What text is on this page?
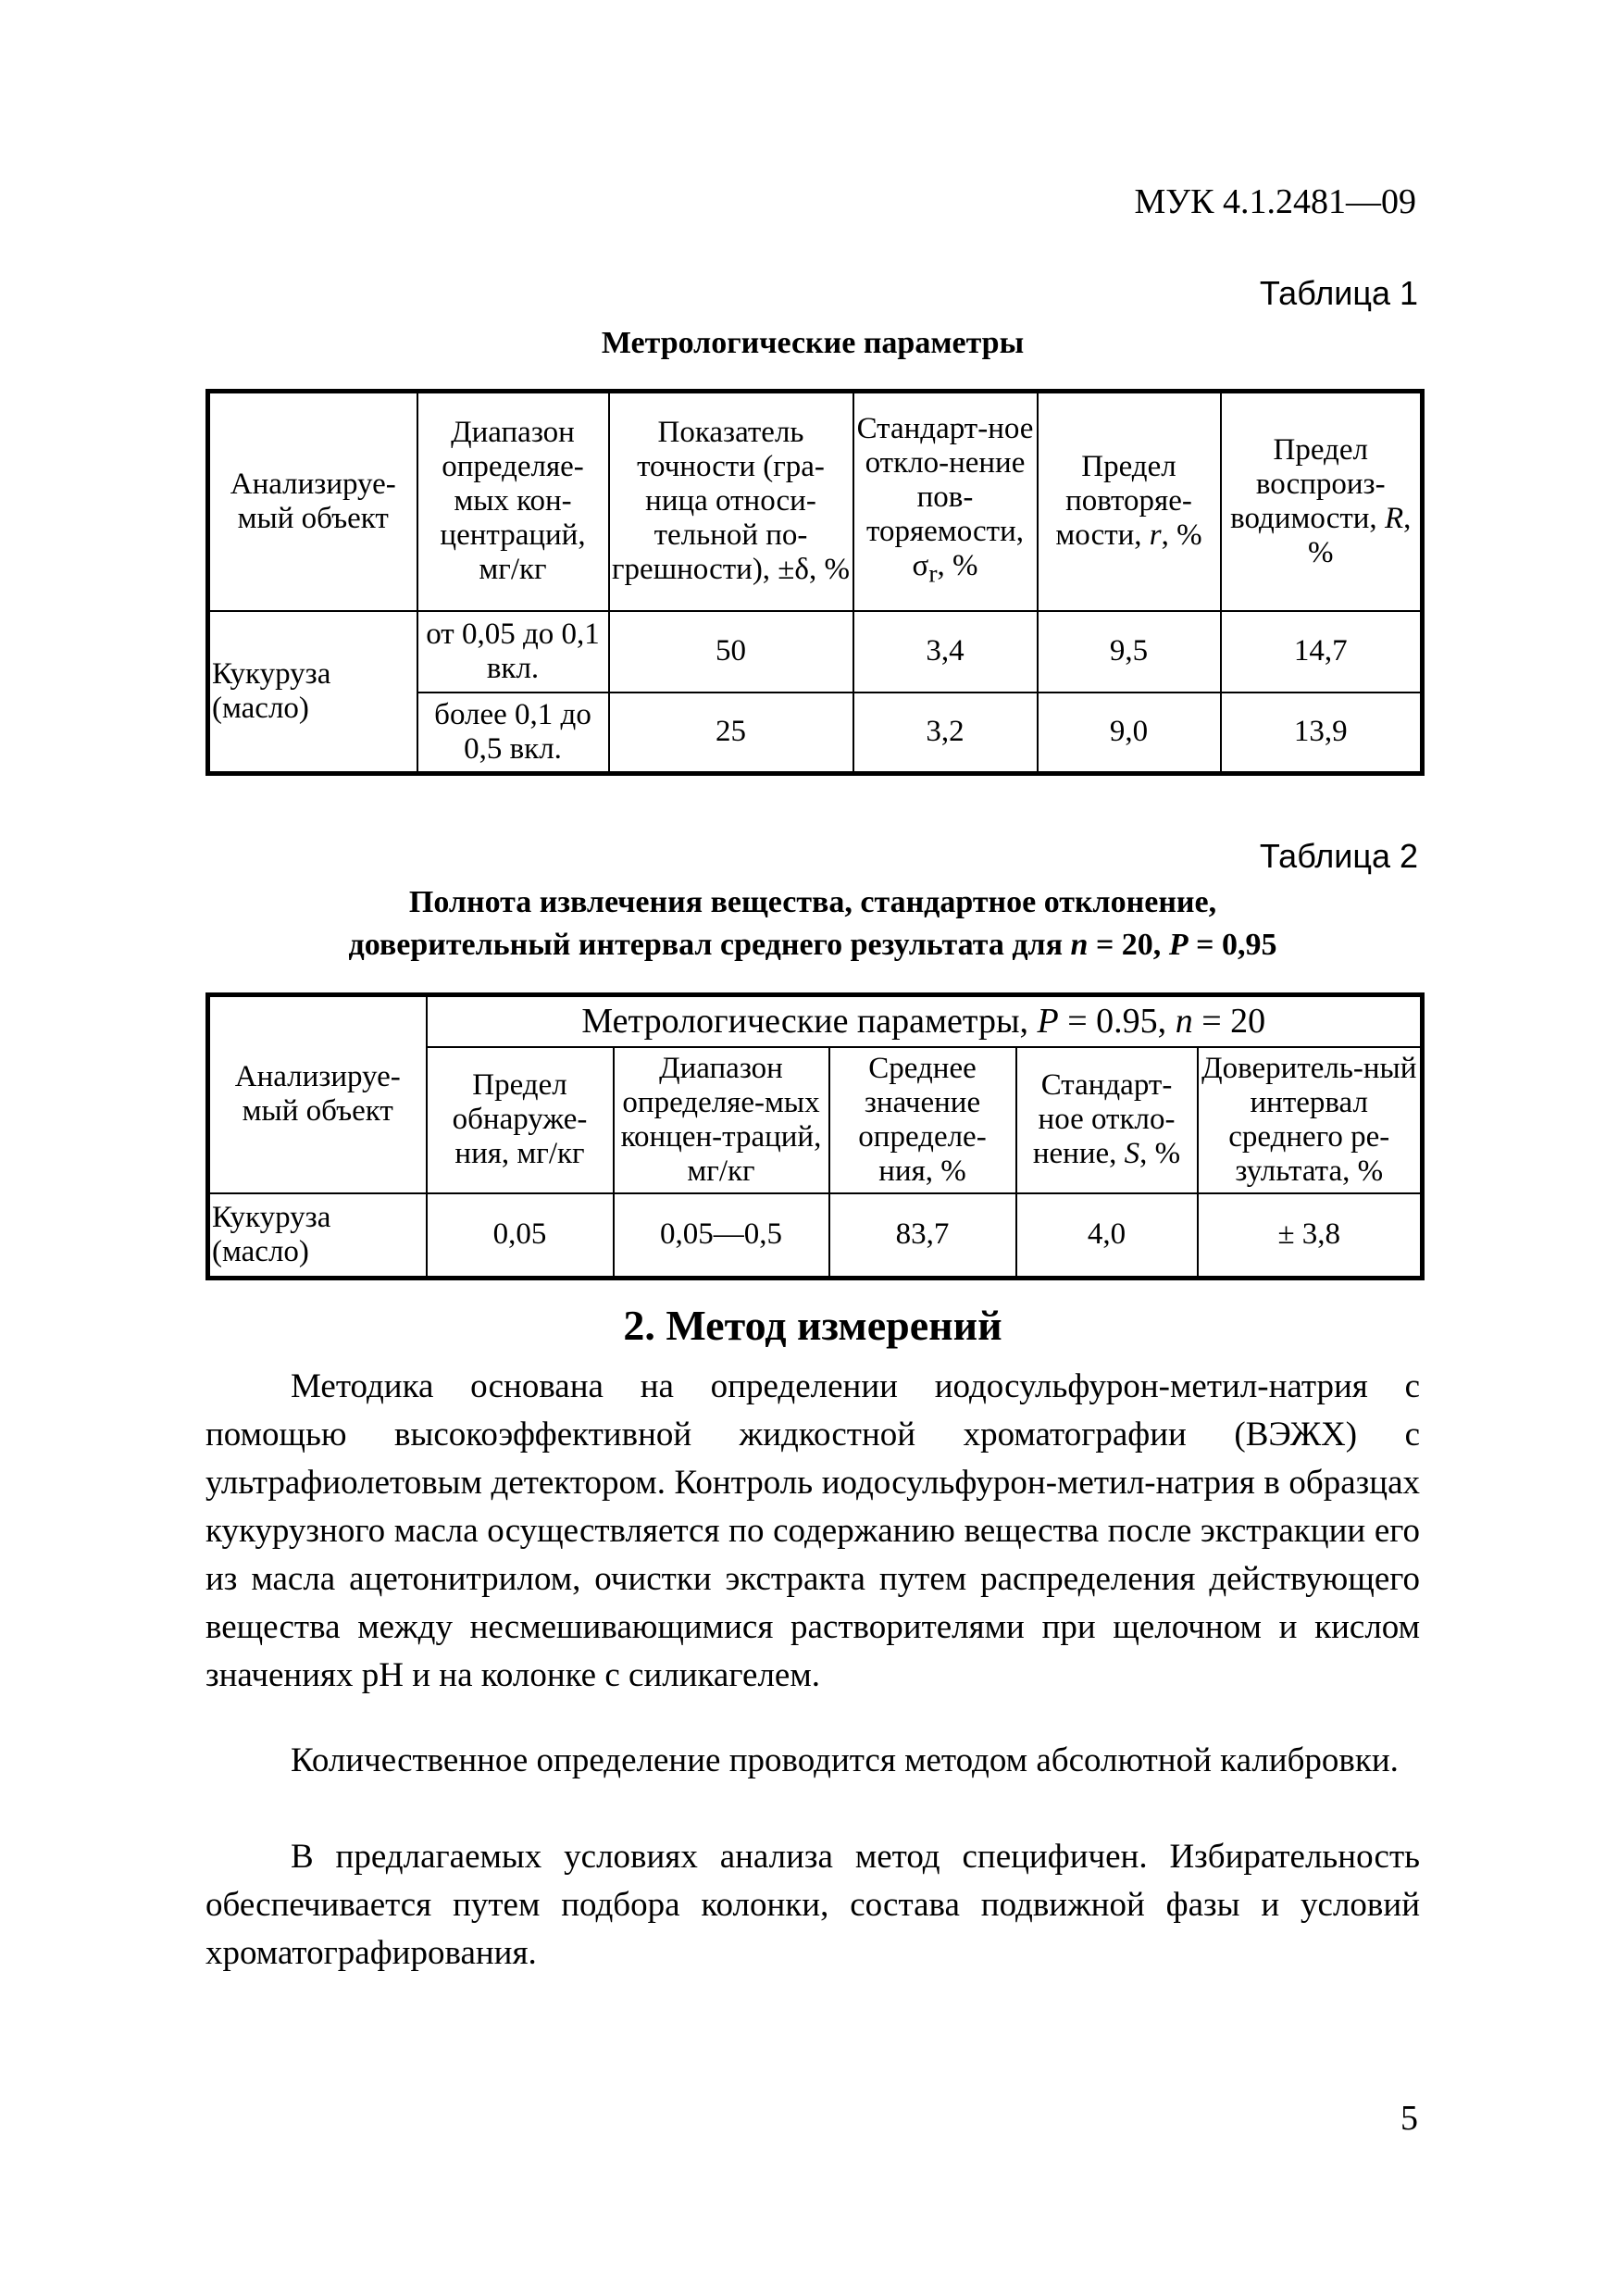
МУК 4.1.2481—09
Таблица 1
Метрологические параметры
Анализируе-мый объект	Диапазон определяе-мых кон-центраций, мг/кг	Показатель точности (гра-ница относи-тельной по-грешности), ±δ, %	Стандарт-ное откло-нение пов-торяемости, $\sigma_r$, %	Предел повторяе-мости, r, %	Предел воспроиз-водимости, R, %
Кукуруза (масло)	от 0,05 до 0,1 вкл.	50	3,4	9,5	14,7
	более 0,1 до 0,5 вкл.	25	3,2	9,0	13,9
Таблица 2
Полнота извлечения вещества, стандартное отклонение,
доверительный интервал среднего результата для n = 20, P = 0,95
Анализируе-мый объект	Метрологические параметры, P = 0.95, n = 20				
	Предел обнаруже-ния, мг/кг	Диапазон определяе-мых концен-траций, мг/кг	Среднее значение определе-ния, %	Стандарт-ное откло-нение, S, %	Доверитель-ный интервал среднего ре-зультата, %
Кукуруза (масло)	0,05	0,05—0,5	83,7	4,0	± 3,8
2. Метод измерений

Методика основана на определении иодосульфурон-метил-натрия с помощью высокоэффективной жидкостной хроматографии (ВЭЖХ) с ультрафиолетовым детектором. Контроль иодосульфурон-метил-натрия в образцах кукурузного масла осуществляется по содержанию вещества после экстракции его из масла ацетонитрилом, очистки экстракта путем распределения действующего вещества между несмешивающимися растворителями при щелочном и кислом значениях pH и на колонке с силикагелем.

Количественное определение проводится методом абсолютной калибровки.

В предлагаемых условиях анализа метод специфичен. Избирательность обеспечивается путем подбора колонки, состава подвижной фазы и условий хроматографирования.

5
